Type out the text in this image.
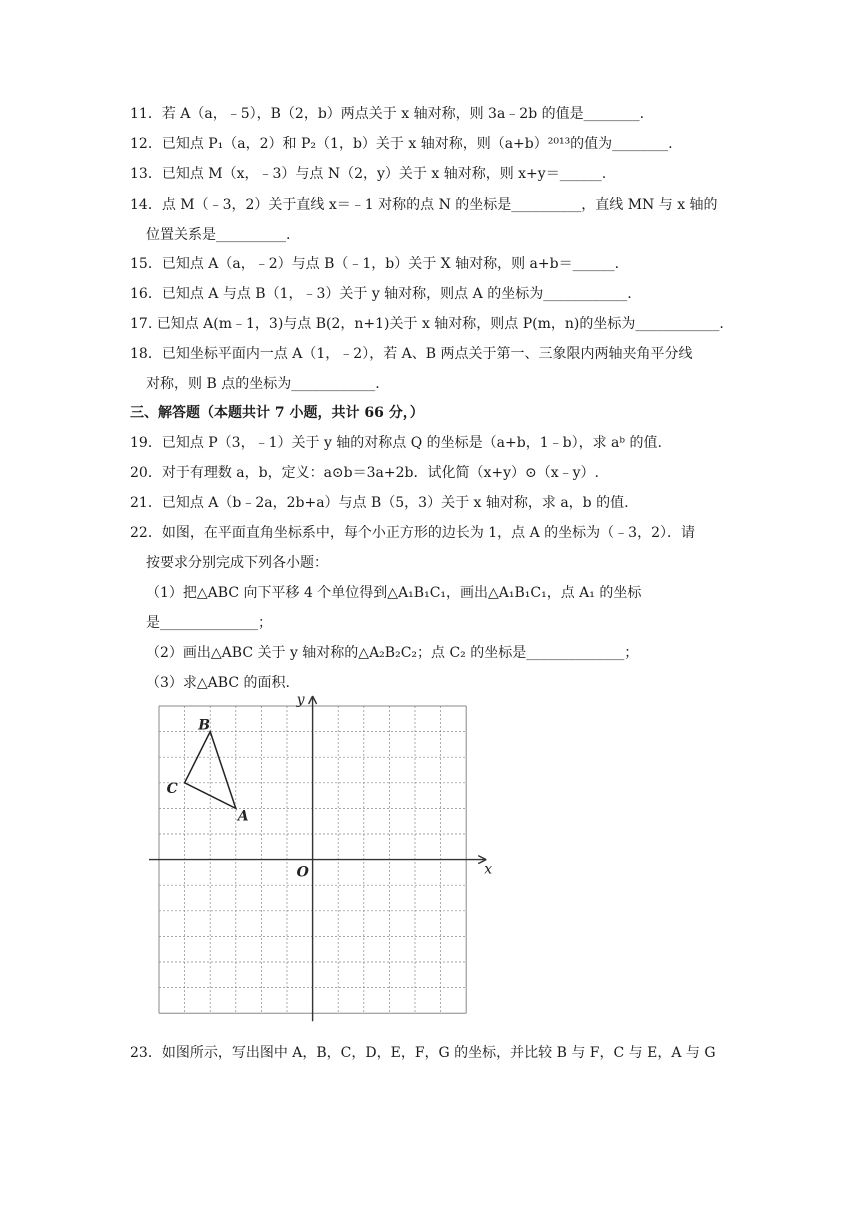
11．若 A（a，﹣5），B（2，b）两点关于 x 轴对称，则 3a﹣2b 的值是________.
12．已知点 P₁（a，2）和 P₂（1，b）关于 x 轴对称，则（a+b）²⁰¹³的值为________.
13．已知点 M（x，﹣3）与点 N（2，y）关于 x 轴对称，则 x+y＝______.
14．点 M（﹣3，2）关于直线 x＝﹣1 对称的点 N 的坐标是__________，直线 MN 与 x 轴的
位置关系是__________.
15．已知点 A（a，﹣2）与点 B（﹣1，b）关于 X 轴对称，则 a+b＝______.
16．已知点 A 与点 B（1，﹣3）关于 y 轴对称，则点 A 的坐标为____________.
17. 已知点 A(m﹣1，3)与点 B(2，n+1)关于 x 轴对称，则点 P(m，n)的坐标为____________.
18．已知坐标平面内一点 A（1，﹣2），若 A、B 两点关于第一、三象限内两轴夹角平分线
对称，则 B 点的坐标为____________.
三、解答题（本题共计 7 小题，共计 66 分，）
19．已知点 P（3，﹣1）关于 y 轴的对称点 Q 的坐标是（a+b，1﹣b），求 aᵇ 的值.
20．对于有理数 a，b，定义：a⊙b＝3a+2b．试化简（x+y）⊙（x﹣y）.
21．已知点 A（b﹣2a，2b+a）与点 B（5，3）关于 x 轴对称，求 a，b 的值.
22．如图，在平面直角坐标系中，每个小正方形的边长为 1，点 A 的坐标为（﹣3，2）．请
按要求分别完成下列各小题：
（1）把△ABC 向下平移 4 个单位得到△A₁B₁C₁，画出△A₁B₁C₁，点 A₁ 的坐标
是______________；
（2）画出△ABC 关于 y 轴对称的△A₂B₂C₂；点 C₂ 的坐标是______________；
（3）求△ABC 的面积.
x
y
O
A
B
C
23．如图所示，写出图中 A，B，C，D，E，F，G 的坐标，并比较 B 与 F，C 与 E，A 与 G
